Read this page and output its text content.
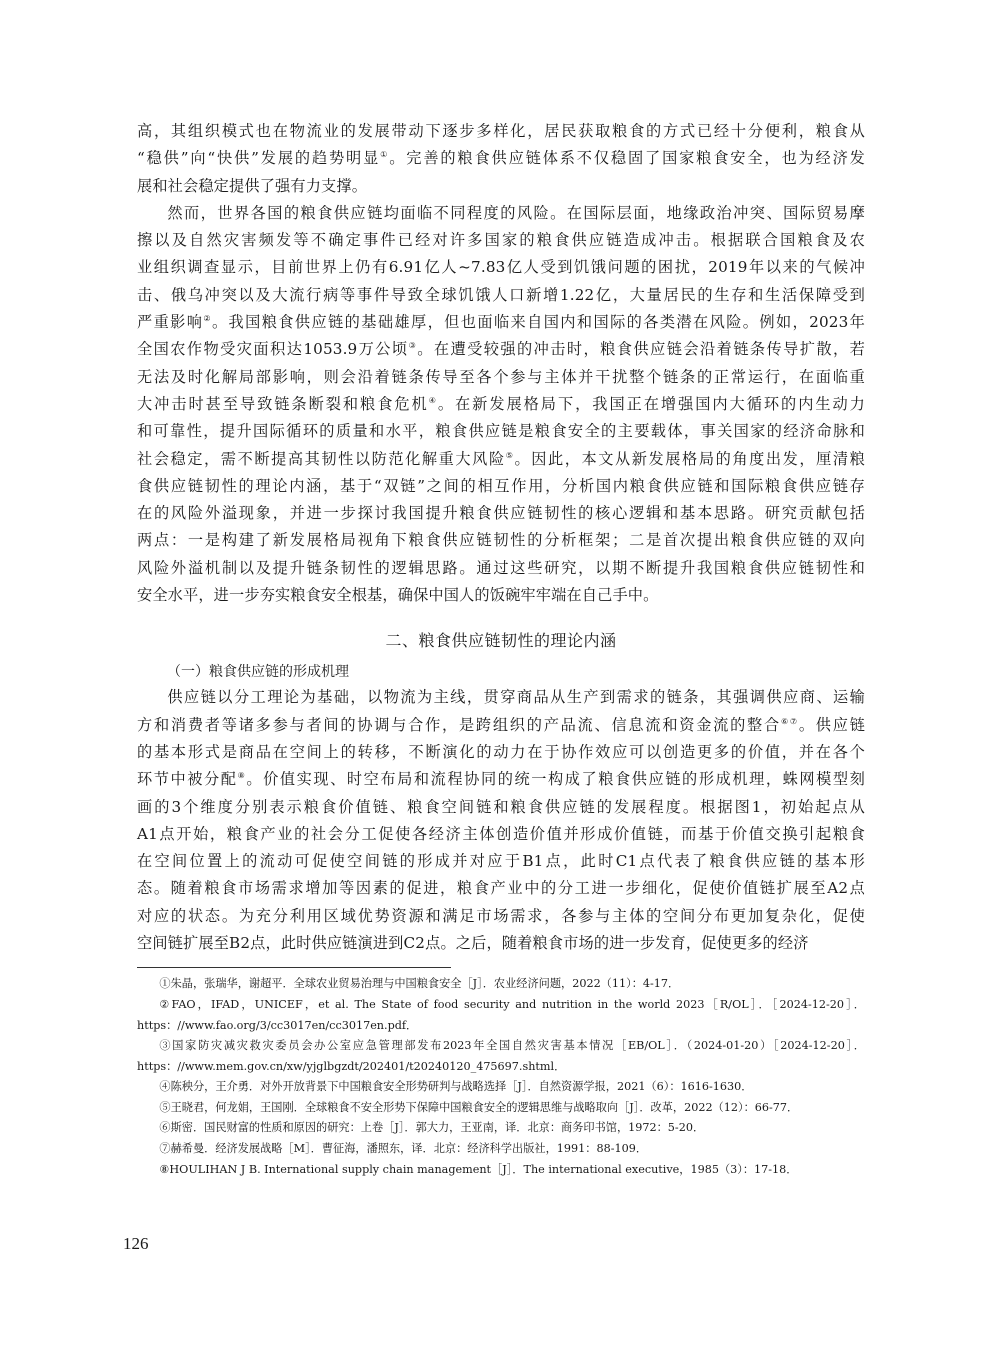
高，其组织模式也在物流业的发展带动下逐步多样化，居民获取粮食的方式已经十分便利，粮食从
“稳供”向“快供”发展的趋势明显①。完善的粮食供应链体系不仅稳固了国家粮食安全，也为经济发
展和社会稳定提供了强有力支撑。

然而，世界各国的粮食供应链均面临不同程度的风险。在国际层面，地缘政治冲突、国际贸易摩
擦以及自然灾害频发等不确定事件已经对许多国家的粮食供应链造成冲击。根据联合国粮食及农
业组织调查显示，目前世界上仍有6.91亿人~7.83亿人受到饥饿问题的困扰，2019年以来的气候冲
击、俄乌冲突以及大流行病等事件导致全球饥饿人口新增1.22亿，大量居民的生存和生活保障受到
严重影响②。我国粮食供应链的基础雄厚，但也面临来自国内和国际的各类潜在风险。例如，2023年
全国农作物受灾面积达1053.9万公顷③。在遭受较强的冲击时，粮食供应链会沿着链条传导扩散，若
无法及时化解局部影响，则会沿着链条传导至各个参与主体并干扰整个链条的正常运行，在面临重
大冲击时甚至导致链条断裂和粮食危机④。在新发展格局下，我国正在增强国内大循环的内生动力
和可靠性，提升国际循环的质量和水平，粮食供应链是粮食安全的主要载体，事关国家的经济命脉和
社会稳定，需不断提高其韧性以防范化解重大风险⑤。因此，本文从新发展格局的角度出发，厘清粮
食供应链韧性的理论内涵，基于“双链”之间的相互作用，分析国内粮食供应链和国际粮食供应链存
在的风险外溢现象，并进一步探讨我国提升粮食供应链韧性的核心逻辑和基本思路。研究贡献包括
两点：一是构建了新发展格局视角下粮食供应链韧性的分析框架；二是首次提出粮食供应链的双向
风险外溢机制以及提升链条韧性的逻辑思路。通过这些研究，以期不断提升我国粮食供应链韧性和
安全水平，进一步夯实粮食安全根基，确保中国人的饭碗牢牢端在自己手中。

二、粮食供应链韧性的理论内涵
（一）粮食供应链的形成机理

供应链以分工理论为基础，以物流为主线，贯穿商品从生产到需求的链条，其强调供应商、运输
方和消费者等诸多参与者间的协调与合作，是跨组织的产品流、信息流和资金流的整合⑥⑦。供应链
的基本形式是商品在空间上的转移，不断演化的动力在于协作效应可以创造更多的价值，并在各个
环节中被分配⑧。价值实现、时空布局和流程协同的统一构成了粮食供应链的形成机理，蛛网模型刻
画的3个维度分别表示粮食价值链、粮食空间链和粮食供应链的发展程度。根据图1，初始起点从
A1点开始，粮食产业的社会分工促使各经济主体创造价值并形成价值链，而基于价值交换引起粮食
在空间位置上的流动可促使空间链的形成并对应于B1点，此时C1点代表了粮食供应链的基本形
态。随着粮食市场需求增加等因素的促进，粮食产业中的分工进一步细化，促使价值链扩展至A2点
对应的状态。为充分利用区域优势资源和满足市场需求，各参与主体的空间分布更加复杂化，促使
空间链扩展至B2点，此时供应链演进到C2点。之后，随着粮食市场的进一步发育，促使更多的经济

①朱晶，张瑞华，谢超平．全球农业贸易治理与中国粮食安全［J］．农业经济问题，2022（11）：4-17．
②FAO，IFAD，UNICEF，et al. The State of food security and nutrition in the world 2023［R/OL］．［2024-12-20］．https：//www.fao.org/3/cc3017en/cc3017en.pdf．
③国家防灾减灾救灾委员会办公室应急管理部发布2023年全国自然灾害基本情况［EB/OL］．（2024-01-20）［2024-12-20］．https：//www.mem.gov.cn/xw/yjglbgzdt/202401/t20240120_475697.shtml．
④陈秧分，王介勇．对外开放背景下中国粮食安全形势研判与战略选择［J］．自然资源学报，2021（6）：1616-1630．
⑤王晓君，何龙娟，王国刚．全球粮食不安全形势下保障中国粮食安全的逻辑思维与战略取向［J］．改革，2022（12）：66-77．
⑥斯密．国民财富的性质和原因的研究：上卷［J］．郭大力，王亚南，译．北京：商务印书馆，1972：5-20．
⑦赫希曼．经济发展战略［M］．曹征海，潘照东，译．北京：经济科学出版社，1991：88-109．
⑧HOULIHAN J B. International supply chain management［J］．The international executive，1985（3）：17-18．
126
